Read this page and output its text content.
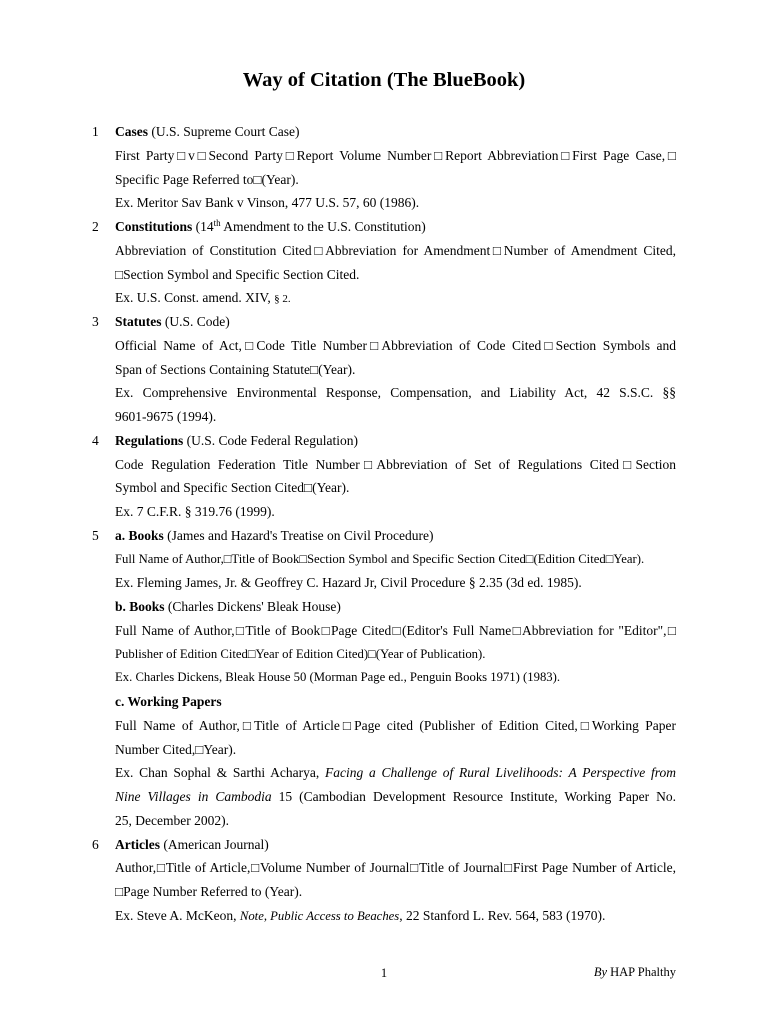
Way of Citation (The BlueBook)
1 Cases (U.S. Supreme Court Case)
First Party□v□Second Party□Report Volume Number□Report Abbreviation□First Page Case,□
Specific Page Referred to□(Year).
Ex. Meritor Sav Bank v Vinson, 477 U.S. 57, 60 (1986).
2 Constitutions (14th Amendment to the U.S. Constitution)
Abbreviation of Constitution Cited□Abbreviation for Amendment□Number of Amendment Cited,
□Section Symbol and Specific Section Cited.
Ex. U.S. Const. amend. XIV, § 2.
3 Statutes (U.S. Code)
Official Name of Act,□Code Title Number□Abbreviation of Code Cited□Section Symbols and
Span of Sections Containing Statute□(Year).
Ex. Comprehensive Environmental Response, Compensation, and Liability Act, 42 S.S.C. §§
9601-9675 (1994).
4 Regulations (U.S. Code Federal Regulation)
Code Regulation Federation Title Number□Abbreviation of Set of Regulations Cited□Section
Symbol and Specific Section Cited□(Year).
Ex. 7 C.F.R. § 319.76 (1999).
5 a. Books (James and Hazard's Treatise on Civil Procedure)
Full Name of Author,□Title of Book□Section Symbol and Specific Section Cited□(Edition Cited□Year).
Ex. Fleming James, Jr. & Geoffrey C. Hazard Jr, Civil Procedure § 2.35 (3d ed. 1985).
b. Books (Charles Dickens' Bleak House)
Full Name of Author,□Title of Book□Page Cited□(Editor's Full Name□Abbreviation for "Editor",□
Publisher of Edition Cited□Year of Edition Cited)□(Year of Publication).
Ex. Charles Dickens, Bleak House 50 (Morman Page ed., Penguin Books 1971) (1983).
c. Working Papers
Full Name of Author,□Title of Article□Page cited (Publisher of Edition Cited,□Working Paper
Number Cited,□Year).
Ex. Chan Sophal & Sarthi Acharya, Facing a Challenge of Rural Livelihoods: A Perspective from
Nine Villages in Cambodia 15 (Cambodian Development Resource Institute, Working Paper No.
25, December 2002).
6 Articles (American Journal)
Author,□Title of Article,□Volume Number of Journal□Title of Journal□First Page Number of Article,
□Page Number Referred to (Year).
Ex. Steve A. McKeon, Note, Public Access to Beaches, 22 Stanford L. Rev. 564, 583 (1970).
1	By HAP Phalthy
